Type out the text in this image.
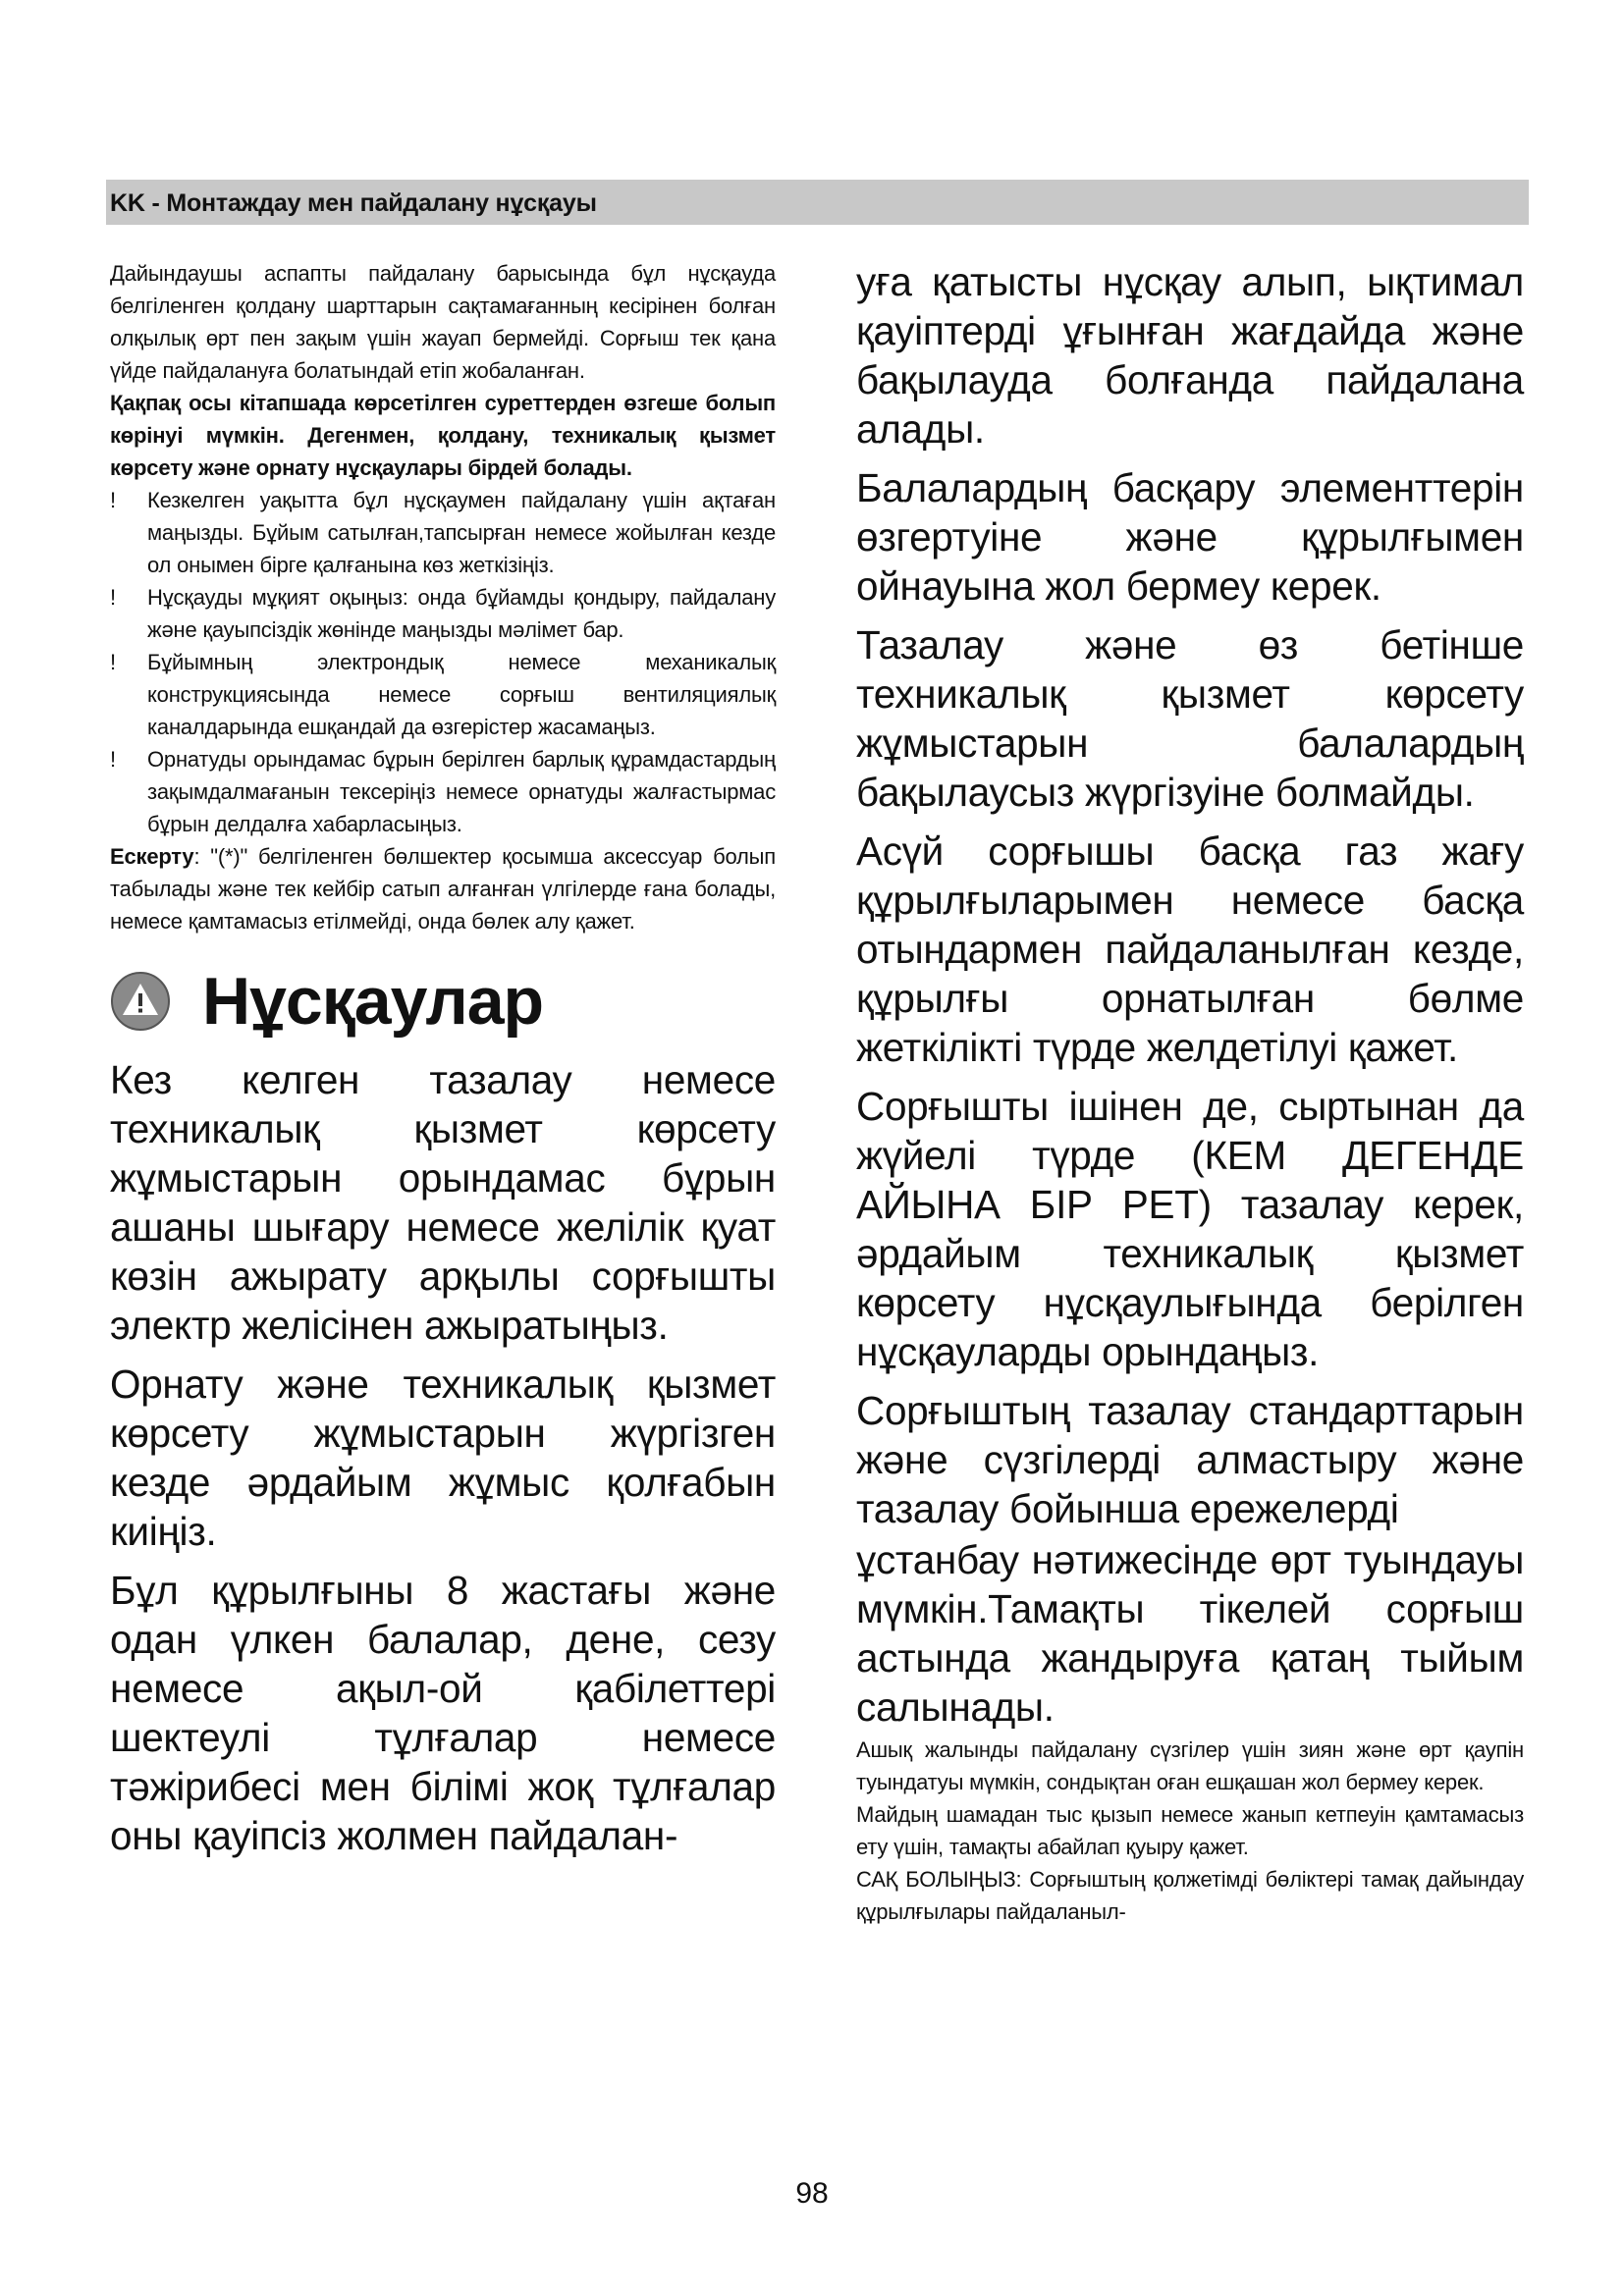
KK - Монтаждау мен пайдалану нұсқауы

Дайындаушы аспапты пайдалану барысында бұл нұсқауда белгіленген қолдану шарттарын сақтамағанның кесірінен болған олқылық өрт пен зақым үшін жауап бермейді. Сорғыш тек қана үйде пайдалануға болатындай етіп жобаланған.

Қақпақ осы кітапшада көрсетілген суреттерден өзгеше болып көрінуі мүмкін. Дегенмен, қолдану, техникалық қызмет көрсету және орнату нұсқаулары бірдей болады.

!	Кезкелген уақытта бұл нұсқаумен пайдалану үшін ақтаған маңызды. Бұйым сатылған,тапсырған немесе жойылған кезде ол онымен бірге қалғанына көз жеткізіңіз.
!	Нұсқауды мұқият оқыңыз: онда бұйамды қондыру, пайдалану және қауыпсіздік жөнінде маңызды мәлімет бар.
!	Бұйымның электрондық немесе механикалық конструкциясында немесе сорғыш вентиляциялық каналдарында ешқандай да өзгерістер жасамаңыз.
!	Орнатуды орындамас бұрын берілген барлық құрамдастардың зақымдалмағанын тексеріңіз немесе орнатуды жалғастырмас бұрын делдалға хабарласыңыз.

Ескерту: "(*)" белгіленген бөлшектер қосымша аксессуар болып табылады және тек кейбір сатып алғанған үлгілерде ғана болады, немесе қамтамасыз етілмейді, онда бөлек алу қажет.

Нұсқаулар

Кез келген тазалау немесе техникалық қызмет көрсету жұмыстарын орындамас бұрын ашаны шығару немесе желілік қуат көзін ажырату арқылы сорғышты электр желісінен ажыратыңыз.

Орнату және техникалық қызмет көрсету жұмыстарын жүргізген кезде әрдайым жұмыс қолғабын киіңіз.

Бұл құрылғыны 8 жастағы және одан үлкен балалар, дене, сезу немесе ақыл-ой қабілеттері шектеулі тұлғалар немесе тәжірибесі мен білімі жоқ тұлғалар оны қауіпсіз жолмен пайдалан-

уға қатысты нұсқау алып, ықтимал қауіптерді ұғынған жағдайда және бақылауда болғанда пайдалана алады.

Балалардың басқару элементтерін өзгертуіне және құрылғымен ойнауына жол бермеу керек.

Тазалау және өз бетінше техникалық қызмет көрсету жұмыстарын балалардың бақылаусыз жүргізуіне болмайды.

Асүй сорғышы басқа газ жағу құрылғыларымен немесе басқа отындармен пайдаланылған кезде, құрылғы орнатылған бөлме жеткілікті түрде желдетілуі қажет.

Сорғышты ішінен де, сыртынан да жүйелі түрде (КЕМ ДЕГЕНДЕ АЙЫНА БІР РЕТ) тазалау керек, әрдайым техникалық қызмет көрсету нұсқаулығында берілген нұсқауларды орындаңыз.

Сорғыштың тазалау стандарттарын және сүзгілерді алмастыру және тазалау бойынша ережелерді

ұстанбау нәтижесінде өрт туындауы мүмкін.Тамақты тікелей сорғыш астында жандыруға қатаң тыйым салынады.

Ашық жалынды пайдалану сүзгілер үшін зиян және өрт қаупін туындатуы мүмкін, сондықтан оған ешқашан жол бермеу керек.

Майдың шамадан тыс қызып немесе жанып кетпеуін қамтамасыз ету үшін, тамақты абайлап қуыру қажет.

САҚ БОЛЫҢЫЗ: Сорғыштың қолжетімді бөліктері тамақ дайындау құрылғылары пайдаланыл-

98
